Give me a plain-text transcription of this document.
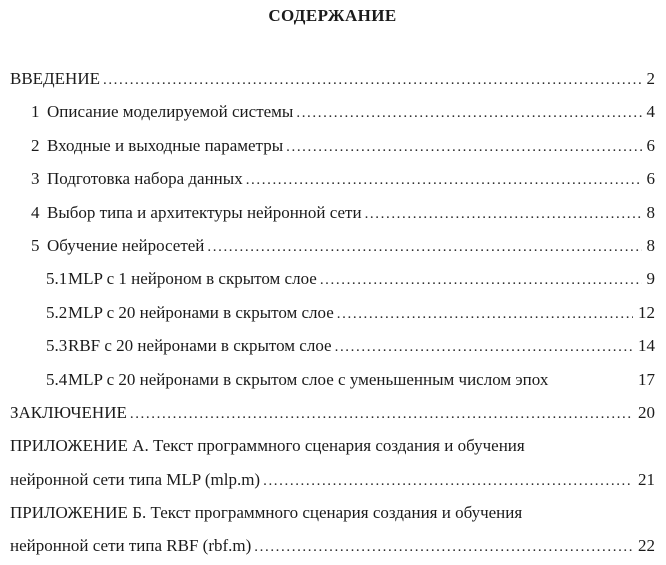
СОДЕРЖАНИЕ
ВВЕДЕНИЕ .....	2
1 Описание моделируемой системы .....	4
2 Входные и выходные параметры .....	6
3 Подготовка набора данных .....	6
4 Выбор типа и архитектуры нейронной сети .....	8
5 Обучение нейросетей .....	8
5.1 MLP с 1 нейроном в скрытом слое .....	9
5.2 MLP с 20 нейронами в скрытом слое .....	12
5.3 RBF с 20 нейронами в скрытом слое .....	14
5.4 MLP с 20 нейронами в скрытом слое с уменьшенным числом эпох	17
ЗАКЛЮЧЕНИЕ .....	20
ПРИЛОЖЕНИЕ А. Текст программного сценария создания и обучения
нейронной сети типа MLP (mlp.m) .....	21
ПРИЛОЖЕНИЕ Б. Текст программного сценария создания и обучения
нейронной сети типа RBF (rbf.m) .....	22
